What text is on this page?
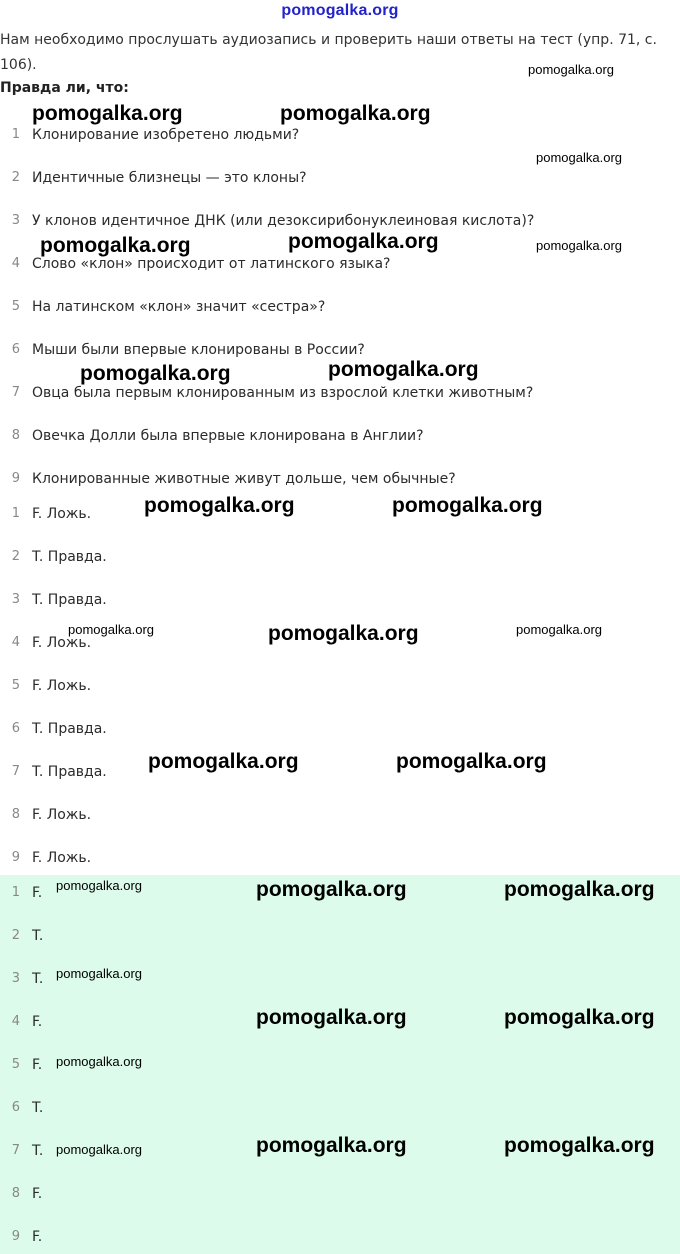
pomogalka.org
Нам необходимо прослушать аудиозапись и проверить наши ответы на тест (упр. 71, с. 106).
Правда ли, что:
1 Клонирование изобретено людьми?
2 Идентичные близнецы — это клоны?
3 У клонов идентичное ДНК (или дезоксирибонуклеиновая кислота)?
4 Слово «клон» происходит от латинского языка?
5 На латинском «клон» значит «сестра»?
6 Мыши были впервые клонированы в России?
7 Овца была первым клонированным из взрослой клетки животным?
8 Овечка Долли была впервые клонирована в Англии?
9 Клонированные животные живут дольше, чем обычные?
1 F. Ложь.
2 T. Правда.
3 T. Правда.
4 F. Ложь.
5 F. Ложь.
6 T. Правда.
7 T. Правда.
8 F. Ложь.
9 F. Ложь.
1 F.
2 T.
3 T.
4 F.
5 F.
6 T.
7 T.
8 F.
9 F.
pomogalka.org
pomogalka.org	pomogalka.org
pomogalka.org
pomogalka.org	pomogalka.org	pomogalka.org
pomogalka.org	pomogalka.org
pomogalka.org	pomogalka.org
pomogalka.org	pomogalka.org	pomogalka.org
pomogalka.org	pomogalka.org
pomogalka.org	pomogalka.org	pomogalka.org
pomogalka.org
pomogalka.org	pomogalka.org
pomogalka.org
pomogalka.org	pomogalka.org	pomogalka.org
